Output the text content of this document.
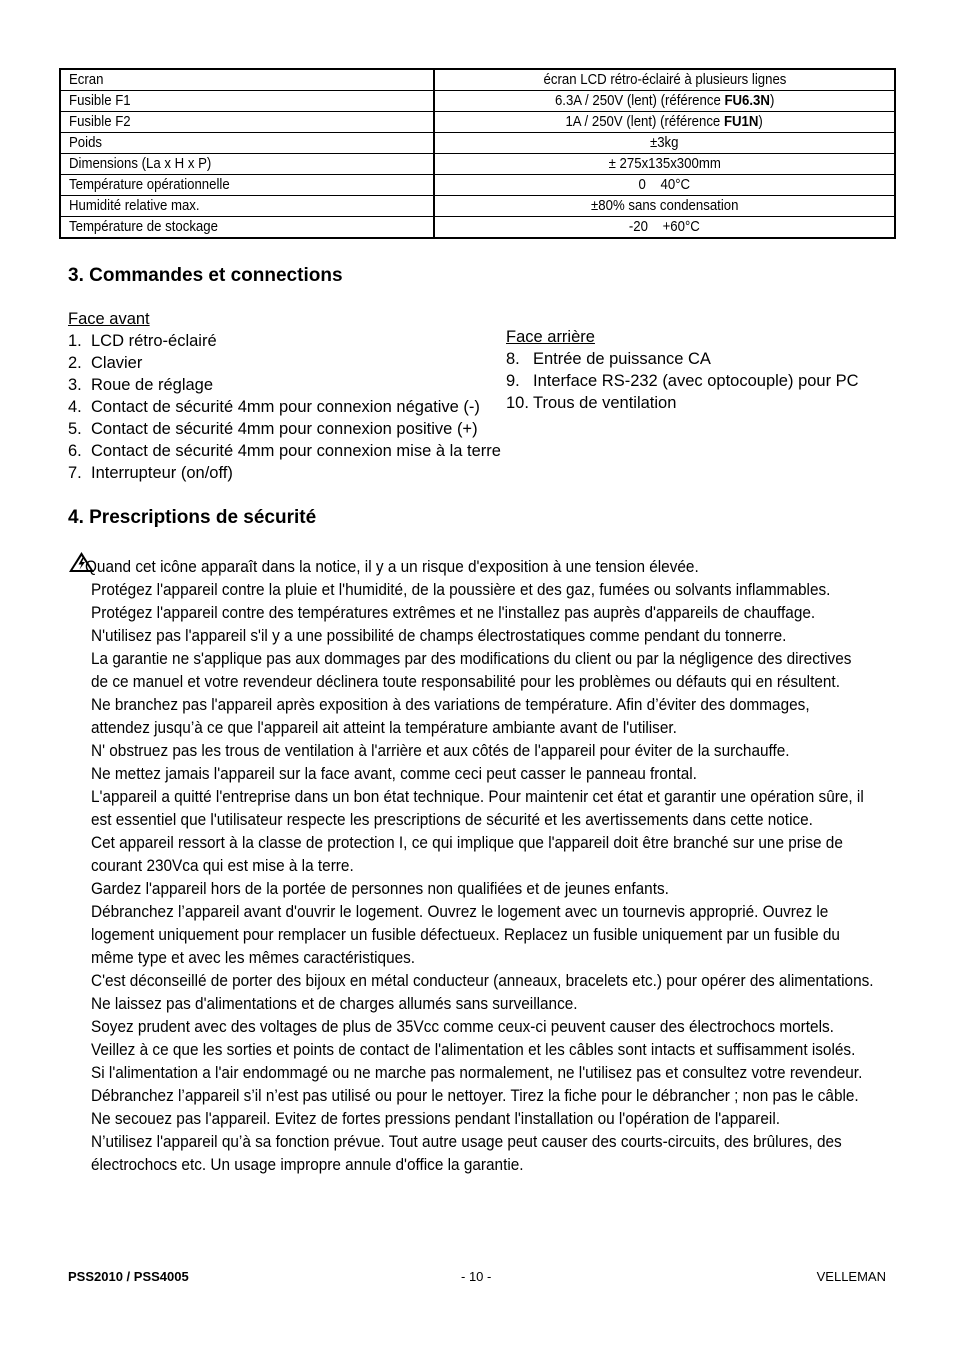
Ecran	écran LCD rétro-éclairé à plusieurs lignes
Fusible F1	6.3A / 250V (lent) (référence FU6.3N)
Fusible F2	1A / 250V (lent) (référence FU1N)
Poids	±3kg
Dimensions (La x H x P)	± 275x135x300mm
Température opérationnelle	0    40°C
Humidité relative max.	±80% sans condensation
Température de stockage	-20    +60°C
3. Commandes et connections
Face avant
1. LCD rétro-éclairé
2. Clavier
3. Roue de réglage
4. Contact de sécurité 4mm pour connexion négative (-)
5. Contact de sécurité 4mm pour connexion positive (+)
6. Contact de sécurité 4mm pour connexion mise à la terre
7. Interrupteur (on/off)
Face arrière
8. Entrée de puissance CA
9. Interface RS-232 (avec optocouple) pour PC
10. Trous de ventilation
4. Prescriptions de sécurité

Quand cet icône apparaît dans la notice, il y a un risque d'exposition à une tension élevée.

Protégez l'appareil contre la pluie et l'humidité, de la poussière et des gaz, fumées ou solvants inflammables.

Protégez l'appareil contre des températures extrêmes et ne l'installez pas auprès d'appareils de chauffage.

N'utilisez pas l'appareil s'il y a une possibilité de champs électrostatiques comme pendant du tonnerre.

La garantie ne s'applique pas aux dommages par des modifications du client ou par la négligence des directives

de ce manuel et votre revendeur déclinera toute responsabilité pour les problèmes ou défauts qui en résultent.

Ne branchez pas l'appareil après exposition à des variations de température. Afin d’éviter des dommages,

attendez jusqu’à ce que l'appareil ait atteint la température ambiante avant de l'utiliser.

N' obstruez pas les trous de ventilation à l'arrière et aux côtés de l'appareil pour éviter de la surchauffe.

Ne mettez jamais l'appareil sur la face avant, comme ceci peut casser le panneau frontal.

L'appareil a quitté l'entreprise dans un bon état technique. Pour maintenir cet état et garantir une opération sûre, il

est essentiel que l'utilisateur respecte les prescriptions de sécurité et les avertissements dans cette notice.

Cet appareil ressort à la classe de protection I, ce qui implique que l'appareil doit être branché sur une prise de

courant 230Vca qui est mise à la terre.

Gardez l'appareil hors de la portée de personnes non qualifiées et de jeunes enfants.

Débranchez l’appareil avant d'ouvrir le logement. Ouvrez le logement avec un tournevis approprié. Ouvrez le

logement uniquement pour remplacer un fusible défectueux. Replacez un fusible uniquement par un fusible du

même type et avec les mêmes caractéristiques.

C'est déconseillé de porter des bijoux en métal conducteur (anneaux, bracelets etc.) pour opérer des alimentations.

Ne laissez pas d'alimentations et de charges allumés sans surveillance.

Soyez prudent avec des voltages de plus de 35Vcc comme ceux-ci peuvent causer des électrochocs mortels.

Veillez à ce que les sorties et points de contact de l'alimentation et les câbles sont intacts et suffisamment isolés.

Si l'alimentation a l'air endommagé ou ne marche pas normalement, ne l'utilisez pas et consultez votre revendeur.

Débranchez l’appareil s’il n’est pas utilisé ou pour le nettoyer. Tirez la fiche pour le débrancher ; non pas le câble.

Ne secouez pas l'appareil. Evitez de fortes pressions pendant l'installation ou l'opération de l'appareil.

N’utilisez l'appareil qu’à sa fonction prévue. Tout autre usage peut causer des courts-circuits, des brûlures, des

électrochocs etc. Un usage impropre annule d'office la garantie.

PSS2010 / PSS4005	- 10 -	VELLEMAN
